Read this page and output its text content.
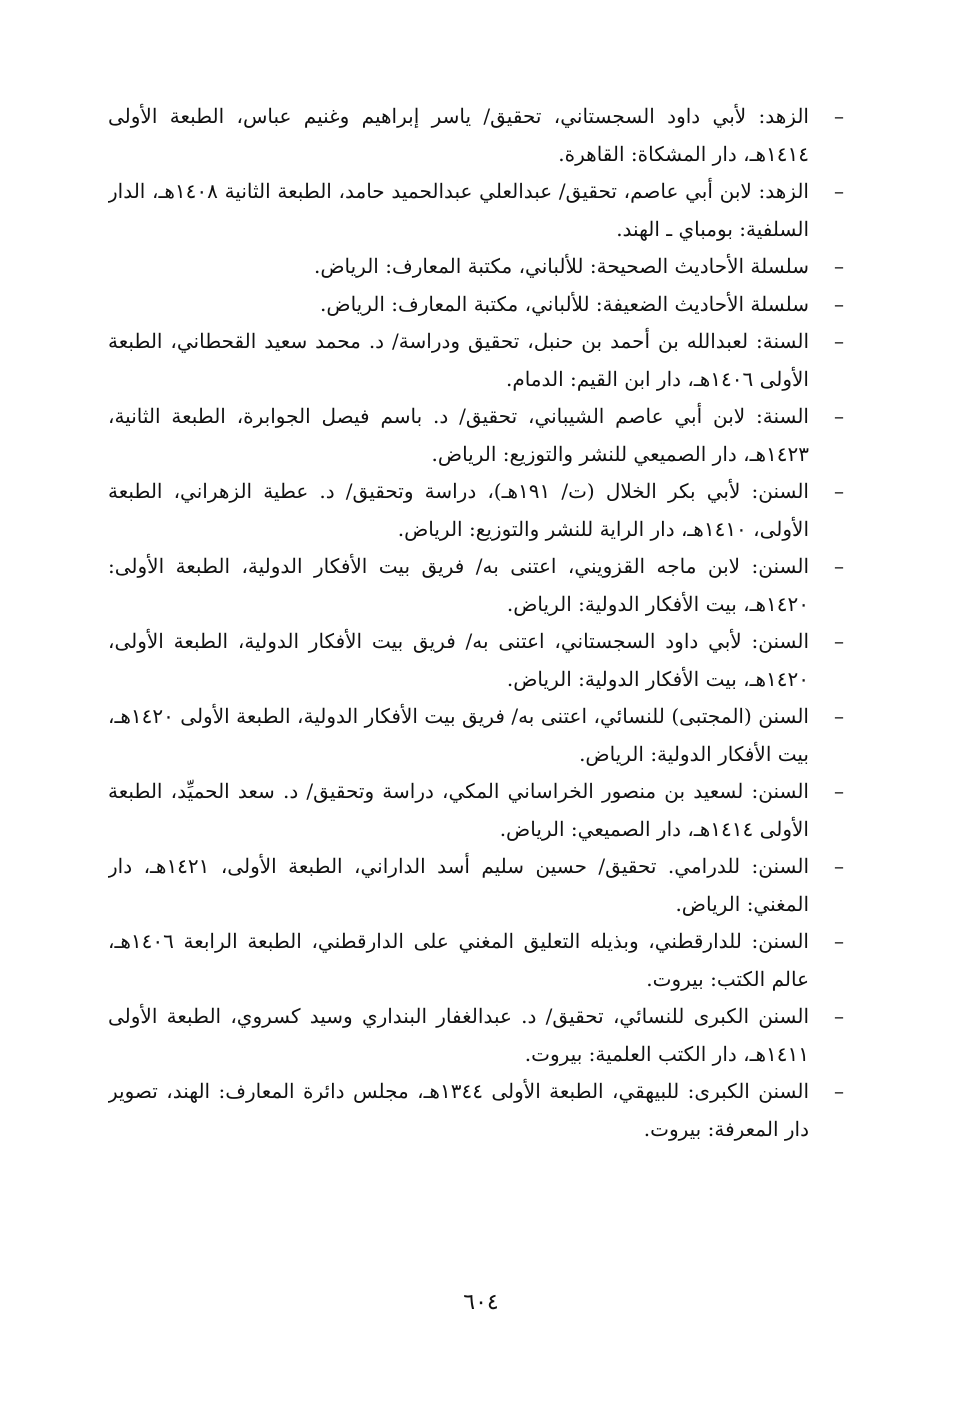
–
الزهد: لأبي داود السجستاني، تحقيق/ ياسر إبراهيم وغنيم عباس، الطبعة الأولى ١٤١٤هـ، دار المشكاة: القاهرة.
–
الزهد: لابن أبي عاصم، تحقيق/ عبدالعلي عبدالحميد حامد، الطبعة الثانية ١٤٠٨هـ، الدار السلفية: بومباي ـ الهند.
–
سلسلة الأحاديث الصحيحة: للألباني، مكتبة المعارف: الرياض.
–
سلسلة الأحاديث الضعيفة: للألباني، مكتبة المعارف: الرياض.
–
السنة: لعبدالله بن أحمد بن حنبل، تحقيق ودراسة/ د. محمد سعيد القحطاني، الطبعة الأولى ١٤٠٦هـ، دار ابن القيم: الدمام.
–
السنة: لابن أبي عاصم الشيباني، تحقيق/ د. باسم فيصل الجوابرة، الطبعة الثانية، ١٤٢٣هـ، دار الصميعي للنشر والتوزيع: الرياض.
–
السنن: لأبي بكر الخلال (ت/ ١٩١هـ)، دراسة وتحقيق/ د. عطية الزهراني، الطبعة الأولى، ١٤١٠هـ، دار الراية للنشر والتوزيع: الرياض.
–
السنن: لابن ماجه القزويني، اعتنى به/ فريق بيت الأفكار الدولية، الطبعة الأولى: ١٤٢٠هـ، بيت الأفكار الدولية: الرياض.
–
السنن: لأبي داود السجستاني، اعتنى به/ فريق بيت الأفكار الدولية، الطبعة الأولى، ١٤٢٠هـ، بيت الأفكار الدولية: الرياض.
–
السنن (المجتبى) للنسائي، اعتنى به/ فريق بيت الأفكار الدولية، الطبعة الأولى ١٤٢٠هـ، بيت الأفكار الدولية: الرياض.
–
السنن: لسعيد بن منصور الخراساني المكي، دراسة وتحقيق/ د. سعد الحميِّد، الطبعة الأولى ١٤١٤هـ، دار الصميعي: الرياض.
–
السنن: للدرامي. تحقيق/ حسين سليم أسد الداراني، الطبعة الأولى، ١٤٢١هـ، دار المغني: الرياض.
–
السنن: للدارقطني، وبذيله التعليق المغني على الدارقطني، الطبعة الرابعة ١٤٠٦هـ، عالم الكتب: بيروت.
–
السنن الكبرى للنسائي، تحقيق/ د. عبدالغفار البنداري وسيد كسروي، الطبعة الأولى ١٤١١هـ، دار الكتب العلمية: بيروت.
–
السنن الكبرى: للبيهقي، الطبعة الأولى ١٣٤٤هـ، مجلس دائرة المعارف: الهند، تصوير دار المعرفة: بيروت.
٦٠٤
